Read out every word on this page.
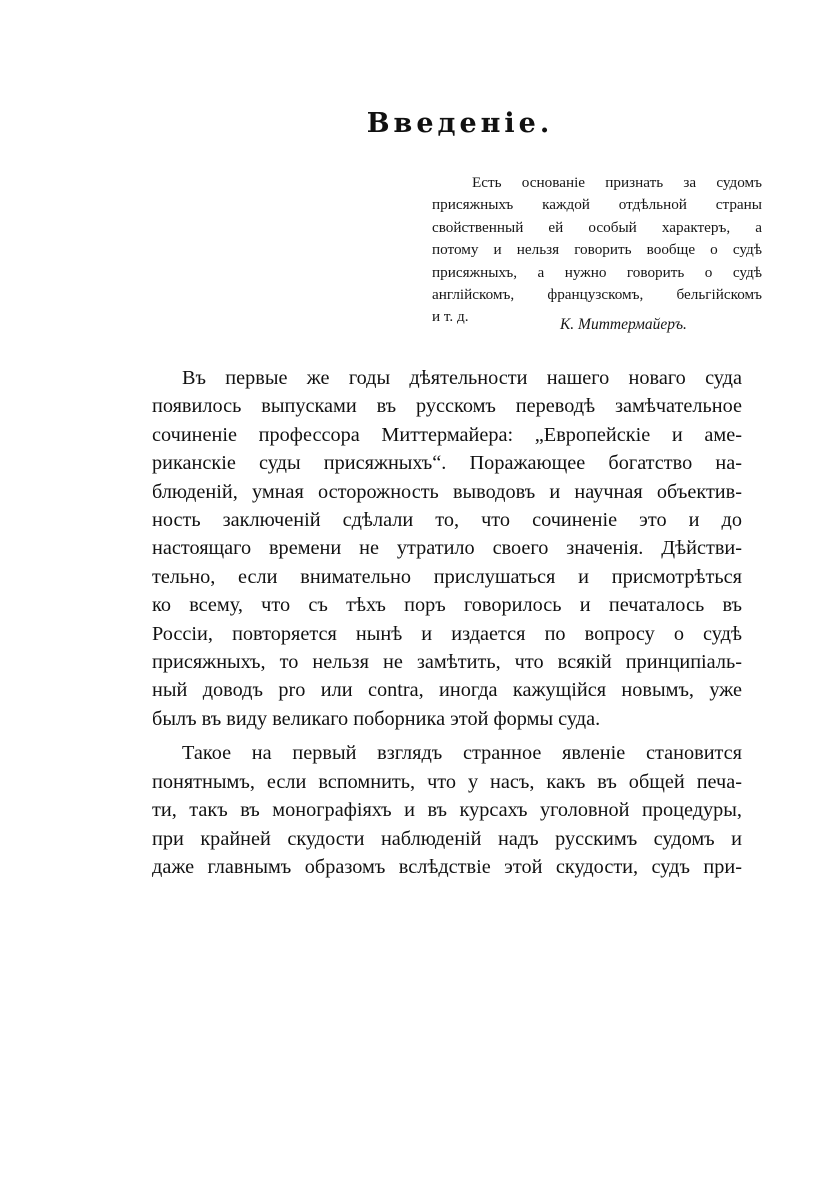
Введеніе.
Есть основаніе признать за судомъ
присяжныхъ каждой отдѣльной страны
свойственный ей особый характеръ, а
потому и нельзя говорить вообще о судѣ
присяжныхъ, а нужно говорить о судѣ
англійскомъ, французскомъ, бельгійскомъ
и т. д.	К. Миттермайеръ.
Въ первые же годы дѣятельности нашего новаго суда
появилось выпусками въ русскомъ переводѣ замѣчательное
сочиненіе профессора Миттермайера: „Европейскіе и аме-
риканскіе суды присяжныхъ“. Поражающее богатство на-
блюденій, умная осторожность выводовъ и научная объектив-
ность заключеній сдѣлали то, что сочиненіе это и до
настоящаго времени не утратило своего значенія. Дѣйстви-
тельно, если внимательно прислушаться и присмотрѣться
ко всему, что съ тѣхъ поръ говорилось и печаталось въ
Россіи, повторяется нынѣ и издается по вопросу о судѣ
присяжныхъ, то нельзя не замѣтить, что всякій принципіаль-
ный доводъ pro или contra, иногда кажущійся новымъ, уже
былъ въ виду великаго поборника этой формы суда.
Такое на первый взглядъ странное явленіе становится
понятнымъ, если вспомнить, что у насъ, какъ въ общей печа-
ти, такъ въ монографіяхъ и въ курсахъ уголовной процедуры,
при крайней скудости наблюденій надъ русскимъ судомъ и
даже главнымъ образомъ вслѣдствіе этой скудости, судъ при-
